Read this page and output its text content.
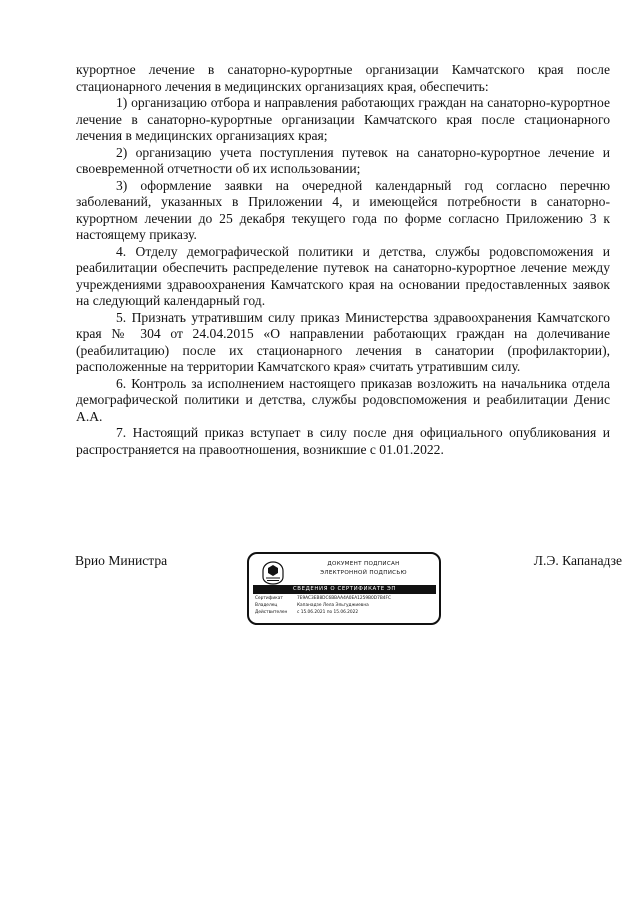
курортное лечение в санаторно-курортные организации Камчатского края после стационарного лечения в медицинских организациях края, обеспечить:

1) организацию отбора и направления работающих граждан на санаторно-курортное лечение в санаторно-курортные организации Камчатского края после стационарного лечения в медицинских организациях края;

2) организацию учета поступления путевок на санаторно-курортное лечение и своевременной отчетности об их использовании;

3) оформление заявки на очередной календарный год согласно перечню заболеваний, указанных в Приложении 4, и имеющейся потребности в санаторно-курортном лечении до 25 декабря текущего года по форме согласно Приложению 3 к настоящему приказу.

4. Отделу демографической политики и детства, службы родовспоможения и реабилитации обеспечить распределение путевок на санаторно-курортное лечение между учреждениями здравоохранения Камчатского края на основании предоставленных заявок на следующий календарный год.

5. Признать утратившим силу приказ Министерства здравоохранения Камчатского края № 304 от 24.04.2015 «О направлении работающих граждан на долечивание (реабилитацию) после их стационарного лечения в санатории (профилактории), расположенные на территории Камчатского края» считать утратившим силу.

6. Контроль за исполнением настоящего приказав возложить на начальника отдела демографической политики и детства, службы родовспоможения и реабилитации Денис А.А.

7. Настоящий приказ вступает в силу после дня официального опубликования и распространяется на правоотношения, возникшие с 01.01.2022.

Врио Министра	ДОКУМЕНТ ПОДПИСАН
ЭЛЕКТРОННОЙ ПОДПИСЬЮ
СВЕДЕНИЯ О СЕРТИФИКАТЕ ЭП
Сертификат	7E9AC3EB8DC6BBAA4A0EA1259B0D7B4FC
Владелец	Капанадзе Лела Эльгуджиевна
Действителен с 15.06.2021 по 15.06.2022
Л.Э. Капанадзе
